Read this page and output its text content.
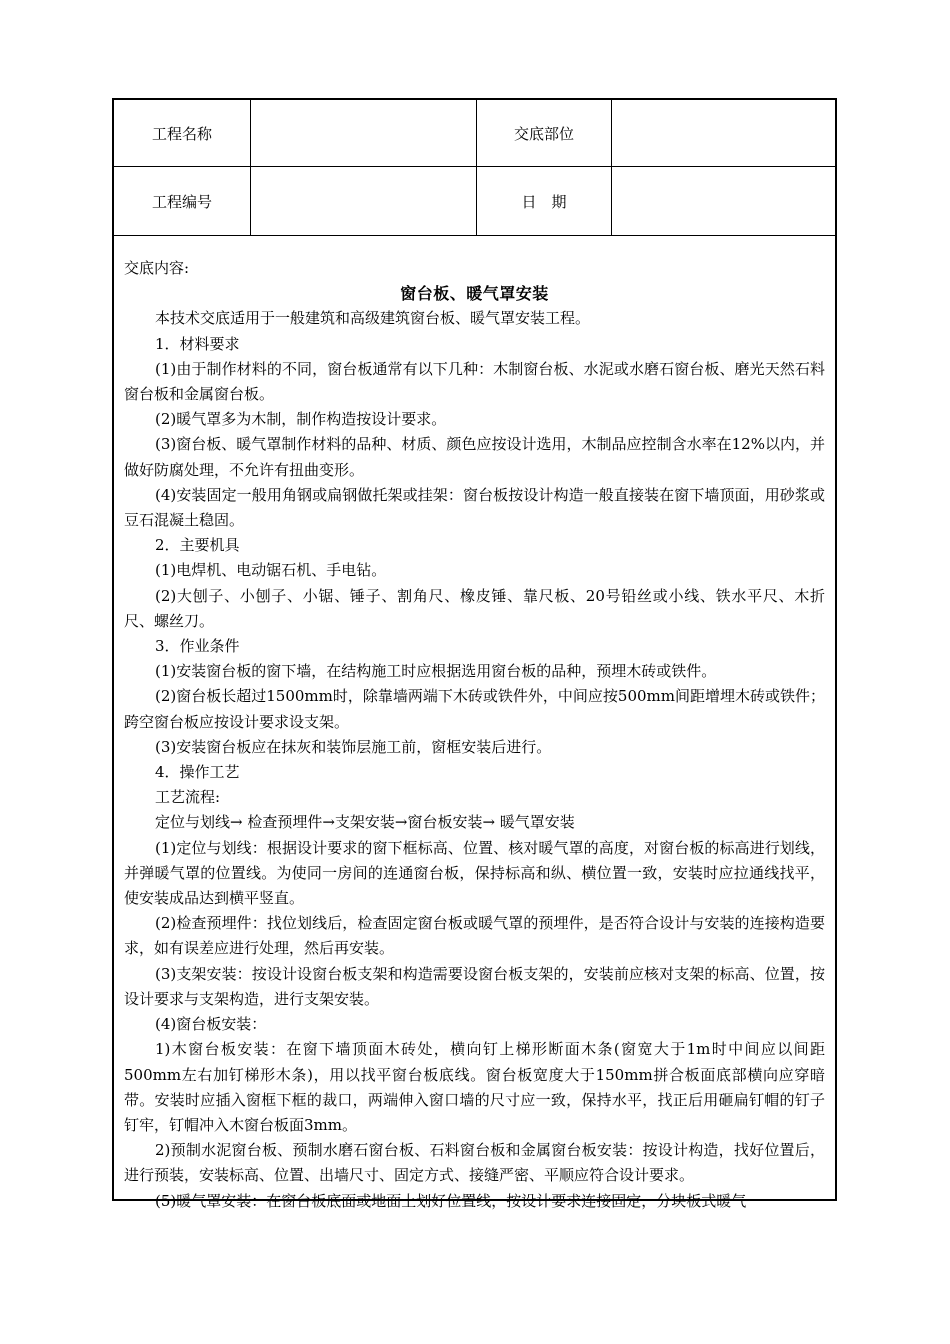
工程名称	交底部位
工程编号	日　期

交底内容:

窗台板、暖气罩安装

本技术交底适用于一般建筑和高级建筑窗台板、暖气罩安装工程。

1．材料要求

(1)由于制作材料的不同，窗台板通常有以下几种：木制窗台板、水泥或水磨石窗台板、磨光天然石料窗台板和金属窗台板。

(2)暖气罩多为木制，制作构造按设计要求。

(3)窗台板、暖气罩制作材料的品种、材质、颜色应按设计选用，木制品应控制含水率在12%以内，并做好防腐处理，不允许有扭曲变形。

(4)安装固定一般用角钢或扁钢做托架或挂架：窗台板按设计构造一般直接装在窗下墙顶面，用砂浆或豆石混凝土稳固。

2．主要机具

(1)电焊机、电动锯石机、手电钻。

(2)大刨子、小刨子、小锯、锤子、割角尺、橡皮锤、靠尺板、20号铅丝或小线、铁水平尺、木折尺、螺丝刀。

3．作业条件

(1)安装窗台板的窗下墙，在结构施工时应根据选用窗台板的品种，预埋木砖或铁件。

(2)窗台板长超过1500mm时，除靠墙两端下木砖或铁件外，中间应按500mm间距增埋木砖或铁件；跨空窗台板应按设计要求设支架。

(3)安装窗台板应在抹灰和装饰层施工前，窗框安装后进行。

4．操作工艺

工艺流程:

定位与划线→ 检查预埋件→支架安装→窗台板安装→ 暖气罩安装

(1)定位与划线：根据设计要求的窗下框标高、位置、核对暖气罩的高度，对窗台板的标高进行划线，并弹暖气罩的位置线。为使同一房间的连通窗台板，保持标高和纵、横位置一致，安装时应拉通线找平，使安装成品达到横平竖直。

(2)检查预埋件：找位划线后，检查固定窗台板或暖气罩的预埋件，是否符合设计与安装的连接构造要求，如有误差应进行处理，然后再安装。

(3)支架安装：按设计设窗台板支架和构造需要设窗台板支架的，安装前应核对支架的标高、位置，按设计要求与支架构造，进行支架安装。

(4)窗台板安装：

1)木窗台板安装：在窗下墙顶面木砖处，横向钉上梯形断面木条(窗宽大于1m时中间应以间距500mm左右加钉梯形木条)，用以找平窗台板底线。窗台板宽度大于150mm拼合板面底部横向应穿暗带。安装时应插入窗框下框的裁口，两端伸入窗口墙的尺寸应一致，保持水平，找正后用砸扁钉帽的钉子钉牢，钉帽冲入木窗台板面3mm。

2)预制水泥窗台板、预制水磨石窗台板、石料窗台板和金属窗台板安装：按设计构造，找好位置后，进行预装，安装标高、位置、出墙尺寸、固定方式、接缝严密、平顺应符合设计要求。

(5)暖气罩安装：在窗台板底面或地面上划好位置线，按设计要求连接固定，分块板式暖气
